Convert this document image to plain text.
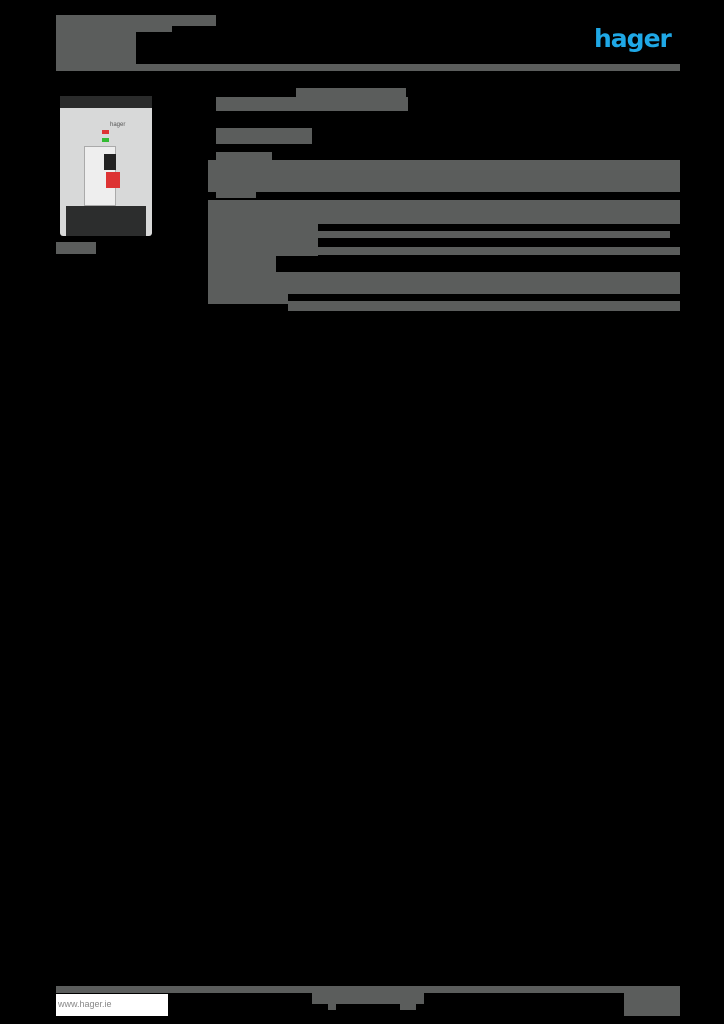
hager
hager
www.hager.ie
